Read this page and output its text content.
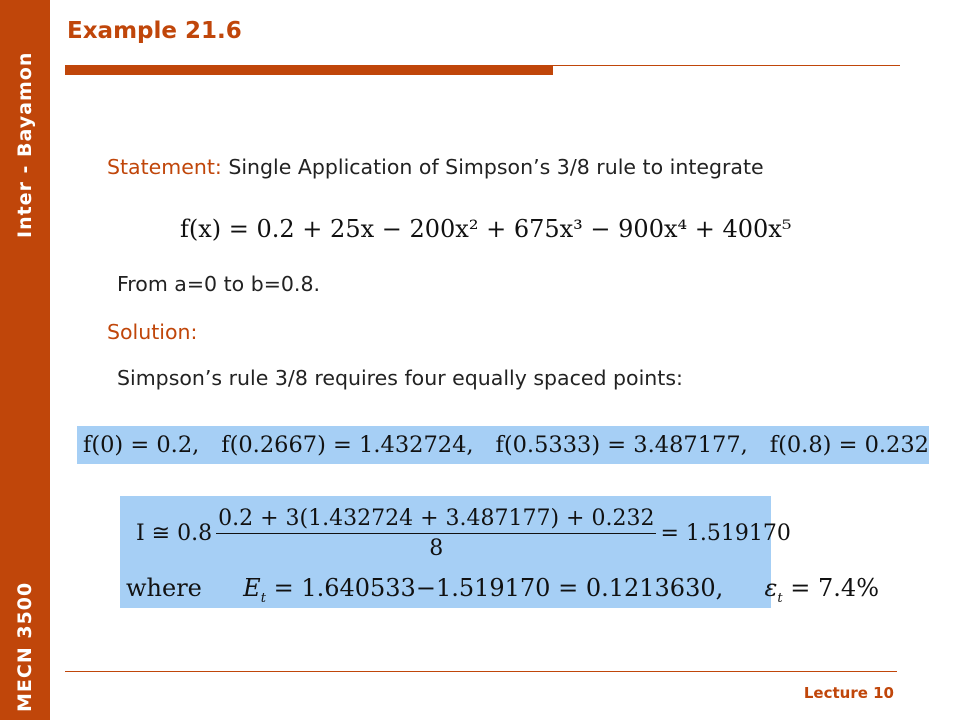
Inter - Bayamon
MECN 3500
Example 21.6
Statement: Single Application of Simpson’s 3/8 rule to integrate
f(x) = 0.2 + 25x − 200x² + 675x³ − 900x⁴ + 400x⁵
From a=0 to b=0.8.
Solution:
Simpson’s rule 3/8 requires four equally spaced points:
f(0) = 0.2, f(0.2667) = 1.432724, f(0.5333) = 3.487177, f(0.8) = 0.232
I ≅ $0.8 \frac{0.2 + 3(1.432724 + 3.487177) + 0.232}{8} = 1.519170$
where $E_t = 1.640533-1.519170 = 0.1213630$, $\varepsilon_t = 7.4\%$
Lecture 10
